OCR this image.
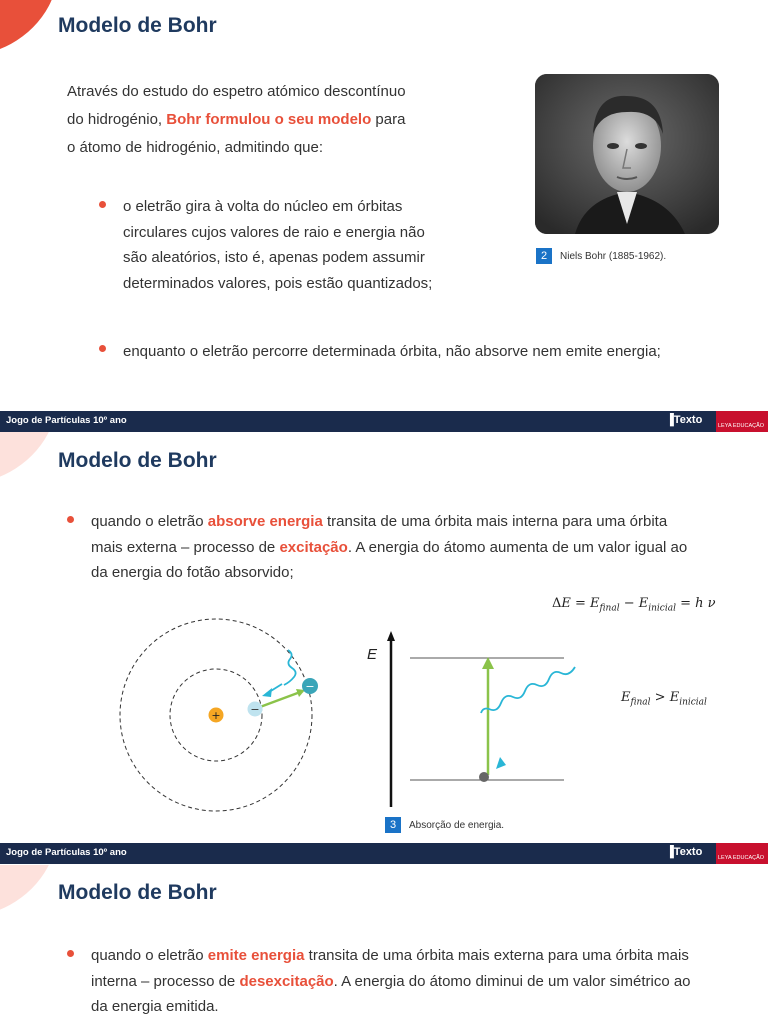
Modelo de Bohr
Através do estudo do espetro atómico descontínuo
do hidrogénio, Bohr formulou o seu modelo para
o átomo de hidrogénio, admitindo que:
o eletrão gira à volta do núcleo em órbitas
circulares cujos valores de raio e energia não
são aleatórios, isto é, apenas podem assumir
determinados valores, pois estão quantizados;
enquanto o eletrão percorre determinada órbita, não absorve nem emite energia;
2	Niels Bohr (1885-1962).
Jogo de Partículas 10º ano	▐Texto	LEYA EDUCAÇÃO
Modelo de Bohr
quando o eletrão absorve energia transita de uma órbita mais interna para uma órbita
mais externa – processo de excitação. A energia do átomo aumenta de um valor igual ao
da energia do fotão absorvido;
$\Delta E = E_{final} - E_{inicial} = h$ ν
+	−
−
E
$E_{final} > E_{inicial}$
3	Absorção de energia.
Jogo de Partículas 10º ano	▐Texto	LEYA EDUCAÇÃO
Modelo de Bohr
quando o eletrão emite energia transita de uma órbita mais externa para uma órbita mais
interna – processo de desexcitação. A energia do átomo diminui de um valor simétrico ao
da energia emitida.
